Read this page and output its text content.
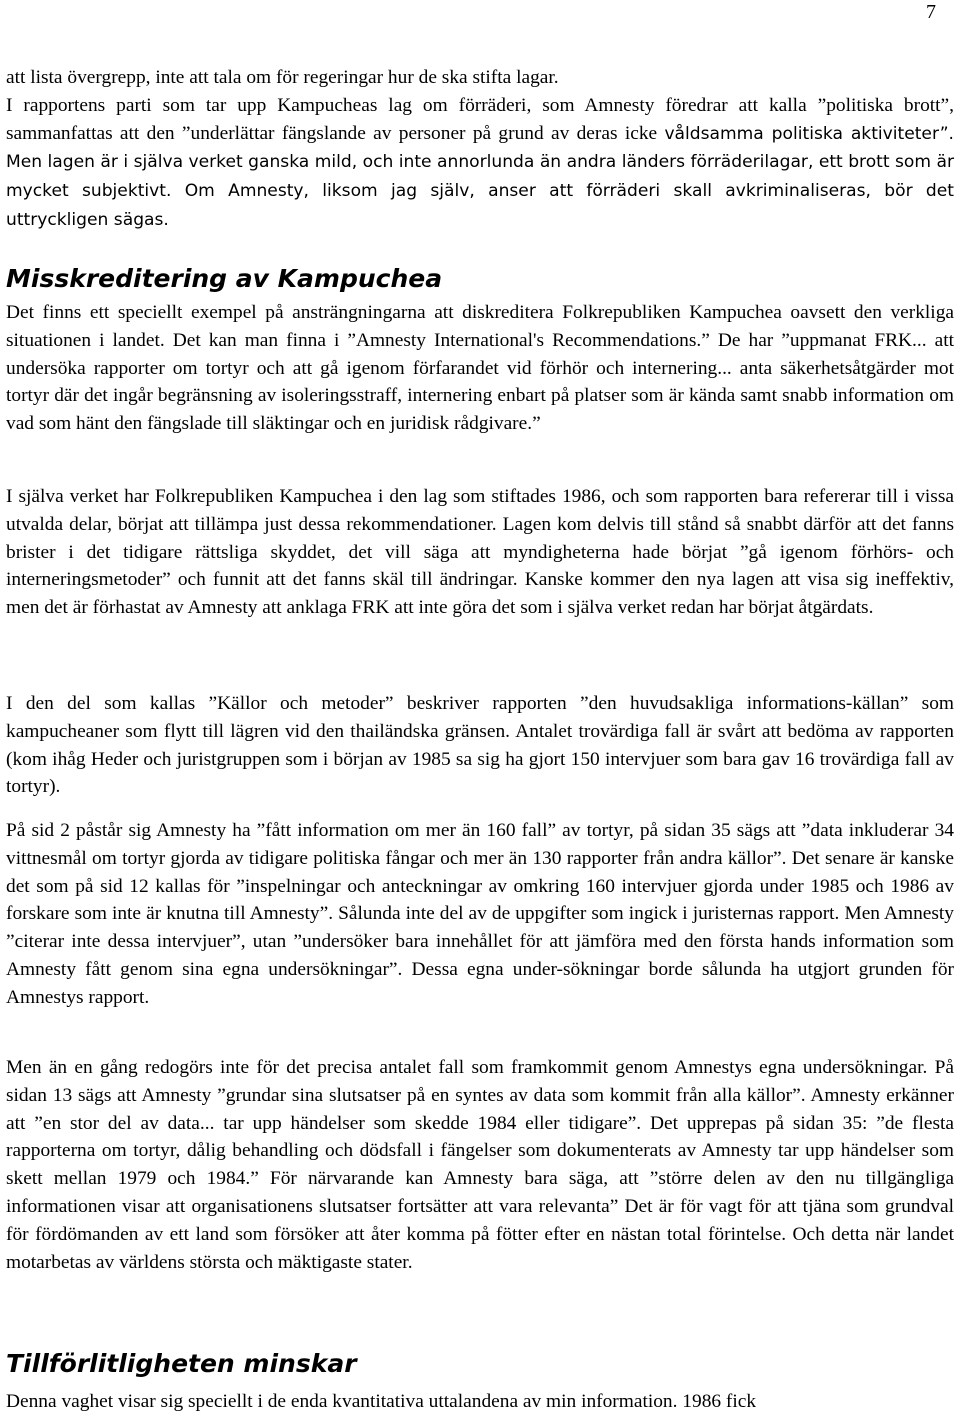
7
att lista övergrepp, inte att tala om för regeringar hur de ska stifta lagar.
I rapportens parti som tar upp Kampucheas lag om förräderi, som Amnesty föredrar att kalla ”politiska brott”, sammanfattas att den ”underlättar fängslande av personer på grund av deras icke våldsamma politiska aktiviteter”. Men lagen är i själva verket ganska mild, och inte annorlunda än andra länders förräderilagar, ett brott som är mycket subjektivt. Om Amnesty, liksom jag själv, anser att förräderi skall avkriminaliseras, bör det uttryckligen sägas.
Misskreditering av Kampuchea

Det finns ett speciellt exempel på ansträngningarna att diskreditera Folkrepubliken Kampuchea oavsett den verkliga situationen i landet. Det kan man finna i ”Amnesty International's Recommendations.” De har ”uppmanat FRK... att undersöka rapporter om tortyr och att gå igenom förfarandet vid förhör och internering... anta säkerhetsåtgärder mot tortyr där det ingår begränsning av isoleringsstraff, internering enbart på platser som är kända samt snabb information om vad som hänt den fängslade till släktingar och en juridisk rådgivare.”

I själva verket har Folkrepubliken Kampuchea i den lag som stiftades 1986, och som rapporten bara refererar till i vissa utvalda delar, börjat att tillämpa just dessa rekommendationer. Lagen kom delvis till stånd så snabbt därför att det fanns brister i det tidigare rättsliga skyddet, det vill säga att myndigheterna hade börjat ”gå igenom förhörs- och interneringsmetoder” och funnit att det fanns skäl till ändringar. Kanske kommer den nya lagen att visa sig ineffektiv, men det är förhastat av Amnesty att anklaga FRK att inte göra det som i själva verket redan har börjat åtgärdats.

I den del som kallas ”Källor och metoder” beskriver rapporten ”den huvudsakliga informations-källan” som kampucheaner som flytt till lägren vid den thailändska gränsen. Antalet trovärdiga fall är svårt att bedöma av rapporten (kom ihåg Heder och juristgruppen som i början av 1985 sa sig ha gjort 150 intervjuer som bara gav 16 trovärdiga fall av tortyr).

På sid 2 påstår sig Amnesty ha ”fått information om mer än 160 fall” av tortyr, på sidan 35 sägs att ”data inkluderar 34 vittnesmål om tortyr gjorda av tidigare politiska fångar och mer än 130 rapporter från andra källor”. Det senare är kanske det som på sid 12 kallas för ”inspelningar och anteckningar av omkring 160 intervjuer gjorda under 1985 och 1986 av forskare som inte är knutna till Amnesty”. Sålunda inte del av de uppgifter som ingick i juristernas rapport. Men Amnesty ”citerar inte dessa intervjuer”, utan ”undersöker bara innehållet för att jämföra med den första hands information som Amnesty fått genom sina egna undersökningar”. Dessa egna under-sökningar borde sålunda ha utgjort grunden för Amnestys rapport.

Men än en gång redogörs inte för det precisa antalet fall som framkommit genom Amnestys egna undersökningar. På sidan 13 sägs att Amnesty ”grundar sina slutsatser på en syntes av data som kommit från alla källor”. Amnesty erkänner att ”en stor del av data... tar upp händelser som skedde 1984 eller tidigare”. Det upprepas på sidan 35: ”de flesta rapporterna om tortyr, dålig behandling och dödsfall i fängelser som dokumenterats av Amnesty tar upp händelser som skett mellan 1979 och 1984.” För närvarande kan Amnesty bara säga, att ”större delen av den nu tillgängliga informationen visar att organisationens slutsatser fortsätter att vara relevanta” Det är för vagt för att tjäna som grundval för fördömanden av ett land som försöker att åter komma på fötter efter en nästan total förintelse. Och detta när landet motarbetas av världens största och mäktigaste stater.

Tillförlitligheten minskar

Denna vaghet visar sig speciellt i de enda kvantitativa uttalandena av min information. 1986 fick
